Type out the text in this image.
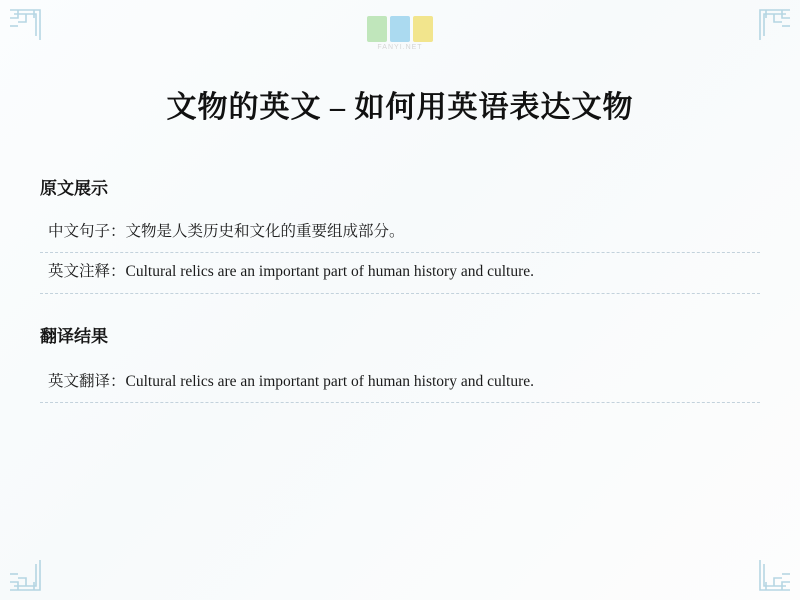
FANYI.NET
文物的英文 – 如何用英语表达文物
原文展示
中文句子：文物是人类历史和文化的重要组成部分。
英文注释：Cultural relics are an important part of human history and culture.
翻译结果
英文翻译：Cultural relics are an important part of human history and culture.
